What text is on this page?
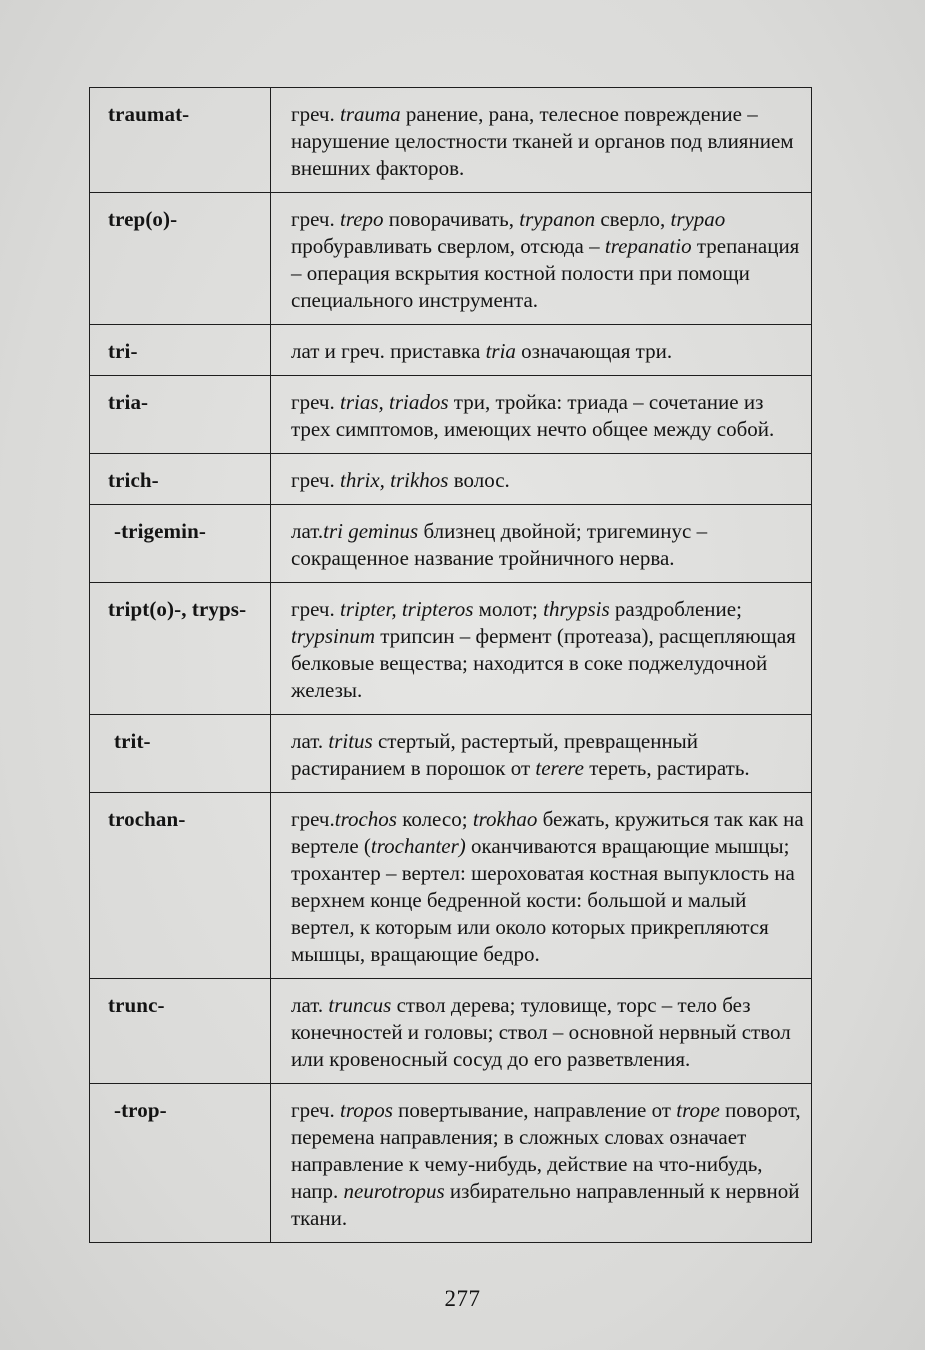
traumat-	греч. trauma ранение, рана, телесное повреждение – нарушение целостности тканей и органов под влиянием внешних факторов.
trep(o)-	греч. trepo поворачивать, trypanon сверло, trypao пробуравливать сверлом, отсюда – trepanatio трепанация – операция вскрытия костной полости при помощи специального инструмента.
tri-	лат и греч. приставка tria означающая три.
tria-	греч. trias, triados три, тройка: триада – сочетание из трех симптомов, имеющих нечто общее между собой.
trich-	греч. thrix, trikhos волос.
-trigemin-	лат.tri geminus близнец двойной; тригеминус – сокращенное название тройничного нерва.
tript(o)-, tryps-	греч. tripter, tripteros молот; thrypsis раздробление; trypsinum трипсин – фермент (протеаза), расщепляющая белковые вещества; находится в соке поджелудочной железы.
trit-	лат. tritus стертый, растертый, превращенный растиранием в порошок от terere тереть, растирать.
trochan-	греч.trochos колесо; trokhao бежать, кружиться так как на вертеле (trochanter) оканчиваются вращающие мышцы; трохантер – вертел: шероховатая костная выпуклость на верхнем конце бедренной кости: большой и малый вертел, к которым или около которых прикрепляются мышцы, вращающие бедро.
trunc-	лат. truncus ствол дерева; туловище, торс – тело без конечностей и головы; ствол – основной нервный ствол или кровеносный сосуд до его разветвления.
-trop-	греч. tropos повертывание, направление от trope поворот, перемена направления; в сложных словах означает направление к чему-нибудь, действие на что-нибудь, напр. neurotropus избирательно направленный к нервной ткани.
277
